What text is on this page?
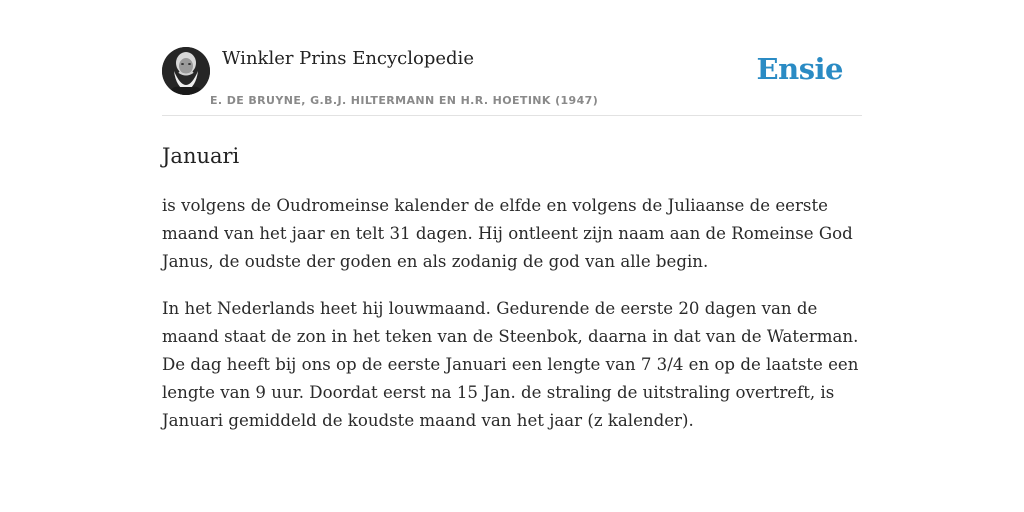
Winkler Prins Encyclopedie
E. DE BRUYNE, G.B.J. HILTERMANN EN H.R. HOETINK (1947)
Ensie
Januari

is volgens de Oudromeinse kalender de elfde en volgens de Juliaanse de eerste maand van het jaar en telt 31 dagen. Hij ontleent zijn naam aan de Romeinse God Janus, de oudste der goden en als zodanig de god van alle begin.

In het Nederlands heet hij louwmaand. Gedurende de eerste 20 dagen van de maand staat de zon in het teken van de Steenbok, daarna in dat van de Waterman. De dag heeft bij ons op de eerste Januari een lengte van 7 3/4 en op de laatste een lengte van 9 uur. Doordat eerst na 15 Jan. de straling de uitstraling overtreft, is Januari gemiddeld de koudste maand van het jaar (z kalender).
